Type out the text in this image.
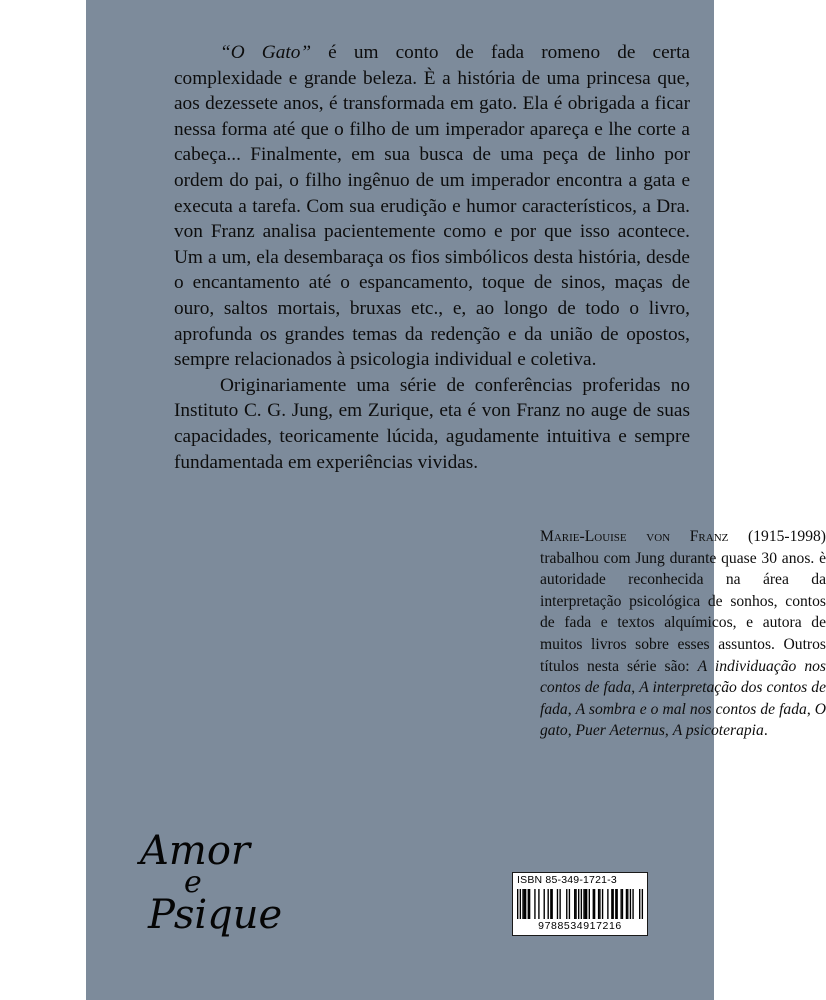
“O Gato” é um conto de fada romeno de certa complexidade e grande beleza. È a história de uma princesa que, aos dezessete anos, é transformada em gato. Ela é obrigada a ficar nessa forma até que o filho de um imperador apareça e lhe corte a cabeça... Finalmente, em sua busca de uma peça de linho por ordem do pai, o filho ingênuo de um imperador encontra a gata e executa a tarefa. Com sua erudição e humor característicos, a Dra. von Franz analisa pacientemente como e por que isso acontece. Um a um, ela desembaraça os fios simbólicos desta história, desde o encantamento até o espancamento, toque de sinos, maças de ouro, saltos mortais, bruxas etc., e, ao longo de todo o livro, aprofunda os grandes temas da redenção e da união de opostos, sempre relacionados à psicologia individual e coletiva.

Originariamente uma série de conferências proferidas no Instituto C. G. Jung, em Zurique, eta é von Franz no auge de suas capacidades, teoricamente lúcida, agudamente intuitiva e sempre fundamentada em experiências vividas.

Marie-Louise von Franz (1915-1998) trabalhou com Jung durante quase 30 anos. è autoridade reconhecida na área da interpretação psicológica de sonhos, contos de fada e textos alquímicos, e autora de muitos livros sobre esses assuntos. Outros títulos nesta série são: A individuação nos contos de fada, A interpretação dos contos de fada, A sombra e o mal nos contos de fada, O gato, Puer Aeternus, A psicoterapia.

Amor
e
Psique
ISBN 85-349-1721-3
9788534917216
